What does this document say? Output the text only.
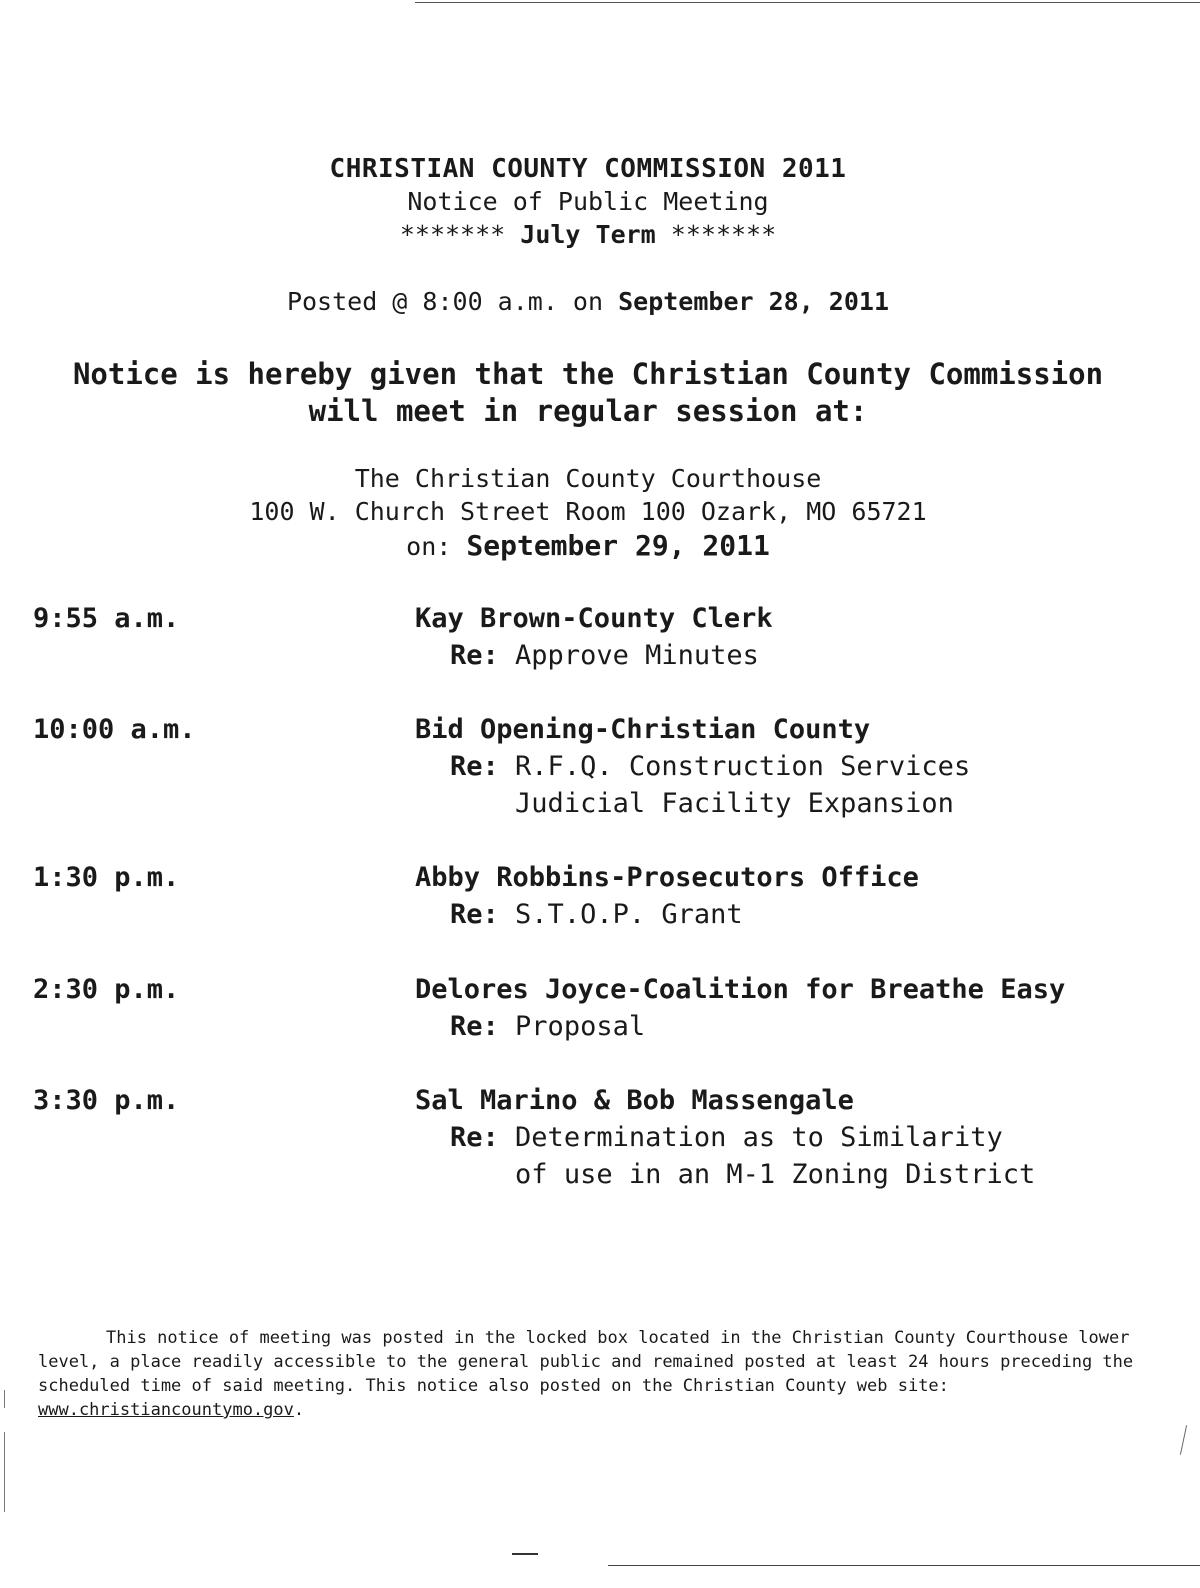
CHRISTIAN COUNTY COMMISSION 2011
Notice of Public Meeting
******* July Term *******
Posted @ 8:00 a.m. on September 28, 2011
Notice is hereby given that the Christian County Commission
will meet in regular session at:
The Christian County Courthouse
100 W. Church Street Room 100 Ozark, MO 65721
on: September 29, 2011
9:55 a.m.	Kay Brown-County Clerk
Re: Approve Minutes
10:00 a.m.	Bid Opening-Christian County
Re: R.F.Q. Construction Services
Judicial Facility Expansion
1:30 p.m.	Abby Robbins-Prosecutors Office
Re: S.T.O.P. Grant
2:30 p.m.	Delores Joyce-Coalition for Breathe Easy
Re: Proposal
3:30 p.m.	Sal Marino & Bob Massengale
Re: Determination as to Similarity
of use in an M-1 Zoning District

This notice of meeting was posted in the locked box located in the Christian County Courthouse lower level, a place readily accessible to the general public and remained posted at least 24 hours preceding the scheduled time of said meeting. This notice also posted on the Christian County web site: www.christiancountymo.gov.
